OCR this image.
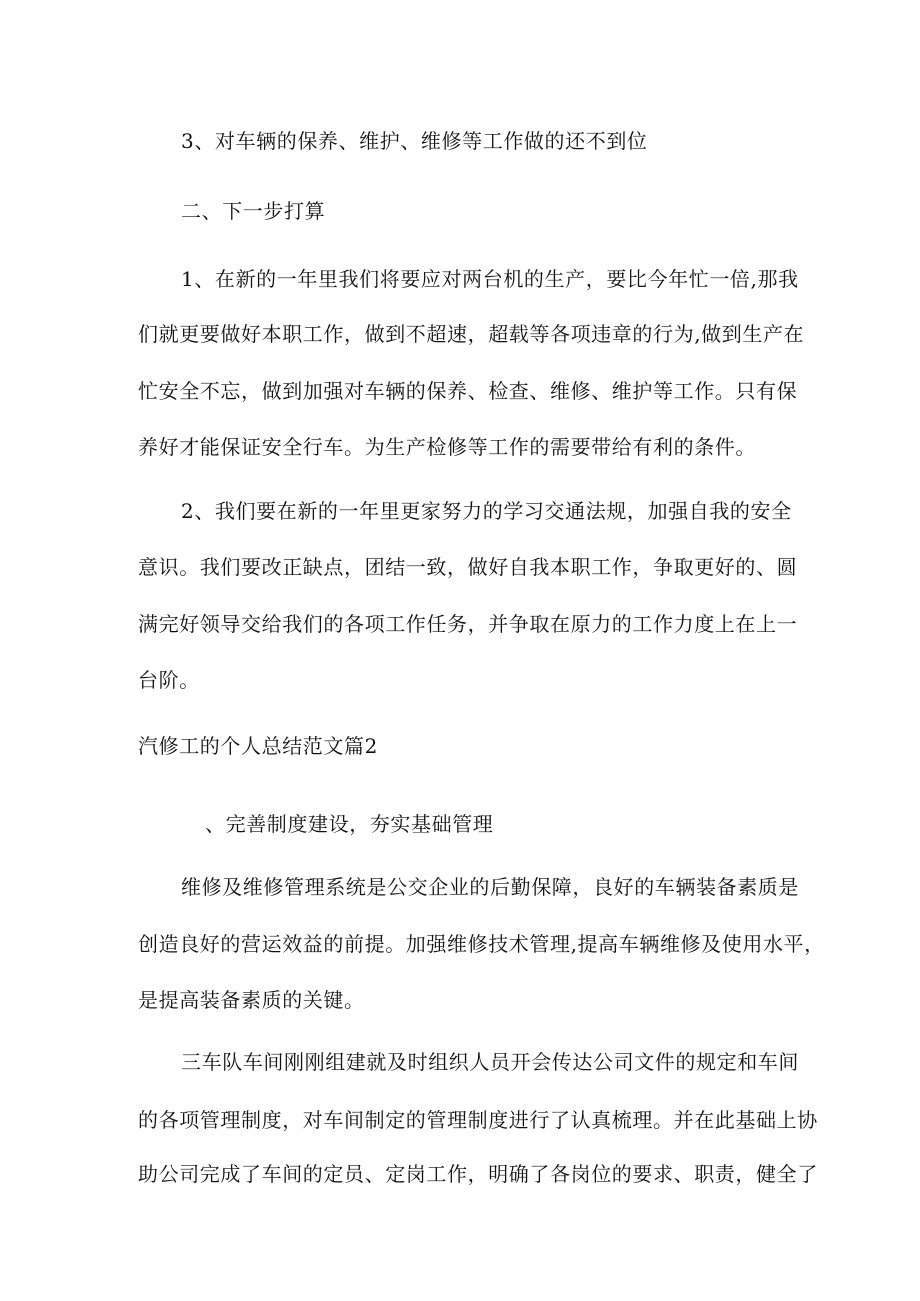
3、对车辆的保养、维护、维修等工作做的还不到位
二、下一步打算
1、在新的一年里我们将要应对两台机的生产，要比今年忙一倍,那我
们就更要做好本职工作，做到不超速，超载等各项违章的行为,做到生产在
忙安全不忘，做到加强对车辆的保养、检查、维修、维护等工作。只有保
养好才能保证安全行车。为生产检修等工作的需要带给有利的条件。
2、我们要在新的一年里更家努力的学习交通法规，加强自我的安全
意识。我们要改正缺点，团结一致，做好自我本职工作，争取更好的、圆
满完好领导交给我们的各项工作任务，并争取在原力的工作力度上在上一
台阶。
汽修工的个人总结范文篇2
、完善制度建设，夯实基础管理
维修及维修管理系统是公交企业的后勤保障，良好的车辆装备素质是
创造良好的营运效益的前提。加强维修技术管理,提高车辆维修及使用水平，
是提高装备素质的关键。
三车队车间刚刚组建就及时组织人员开会传达公司文件的规定和车间
的各项管理制度，对车间制定的管理制度进行了认真梳理。并在此基础上协
助公司完成了车间的定员、定岗工作，明确了各岗位的要求、职责，健全了
